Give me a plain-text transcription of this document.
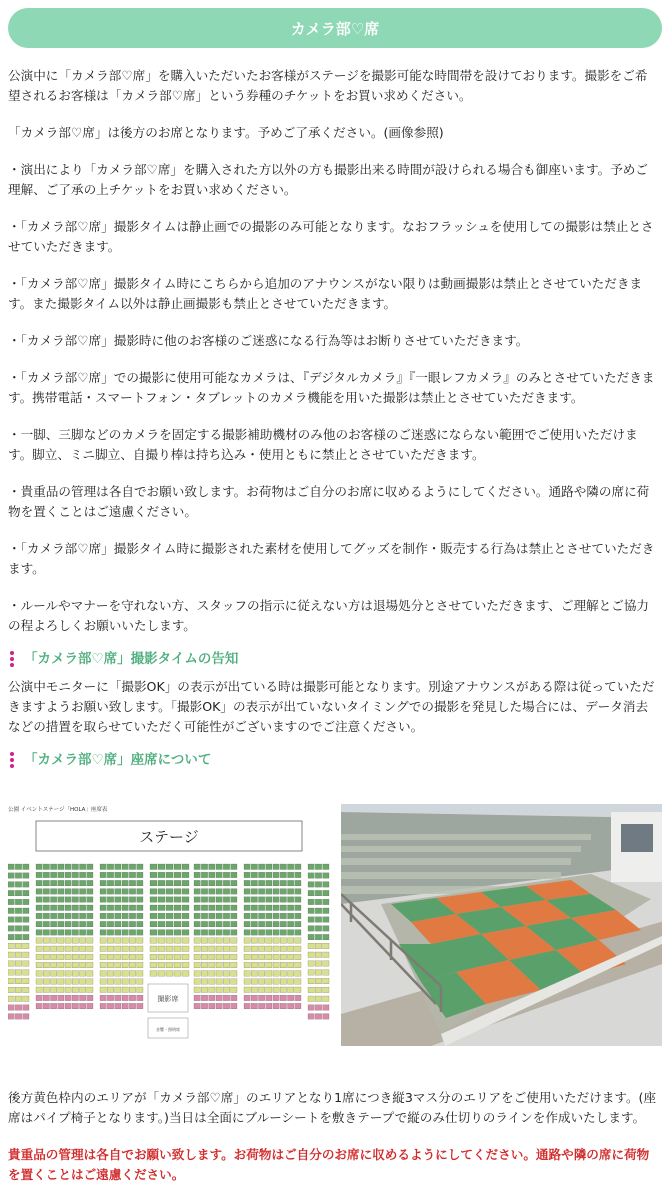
カメラ部♡席

公演中に「カメラ部♡席」を購入いただいたお客様がステージを撮影可能な時間帯を設けております。撮影をご希望されるお客様は「カメラ部♡席」という券種のチケットをお買い求めください。

「カメラ部♡席」は後方のお席となります。予めご了承ください。(画像参照)

・演出により「カメラ部♡席」を購入された方以外の方も撮影出来る時間が設けられる場合も御座います。予めご理解、ご了承の上チケットをお買い求めください。

・「カメラ部♡席」撮影タイムは静止画での撮影のみ可能となります。なおフラッシュを使用しての撮影は禁止とさせていただきます。

・「カメラ部♡席」撮影タイム時にこちらから追加のアナウンスがない限りは動画撮影は禁止とさせていただきます。また撮影タイム以外は静止画撮影も禁止とさせていただきます。

・「カメラ部♡席」撮影時に他のお客様のご迷惑になる行為等はお断りさせていただきます。

・「カメラ部♡席」での撮影に使用可能なカメラは、『デジタルカメラ』『一眼レフカメラ』のみとさせていただきます。携帯電話・スマートフォン・タブレットのカメラ機能を用いた撮影は禁止とさせていただきます。

・一脚、三脚などのカメラを固定する撮影補助機材のみ他のお客様のご迷惑にならない範囲でご使用いただけます。脚立、ミニ脚立、自撮り棒は持ち込み・使用ともに禁止とさせていただきます。

・貴重品の管理は各自でお願い致します。お荷物はご自分のお席に収めるようにしてください。通路や隣の席に荷物を置くことはご遠慮ください。

・「カメラ部♡席」撮影タイム時に撮影された素材を使用してグッズを制作・販売する行為は禁止とさせていただきます。

・ルールやマナーを守れない方、スタッフの指示に従えない方は退場処分とさせていただきます、ご理解とご協力の程よろしくお願いいたします。

「カメラ部♡席」撮影タイムの告知

公演中モニターに「撮影OK」の表示が出ている時は撮影可能となります。別途アナウンスがある際は従っていただきますようお願い致します。「撮影OK」の表示が出ていないタイミングでの撮影を発見した場合には、データ消去などの措置を取らせていただく可能性がございますのでご注意ください。

「カメラ部♡席」座席について
公園 イベントステージ「HOLA」座席表
ステージ
撮影席
音響・照明席

後方黄色枠内のエリアが「カメラ部♡席」のエリアとなり1席につき縦3マス分のエリアをご使用いただけます。(座席はパイプ椅子となります。)当日は全面にブルーシートを敷きテープで縦のみ仕切りのラインを作成いたします。

貴重品の管理は各自でお願い致します。お荷物はご自分のお席に収めるようにしてください。通路や隣の席に荷物を置くことはご遠慮ください。
